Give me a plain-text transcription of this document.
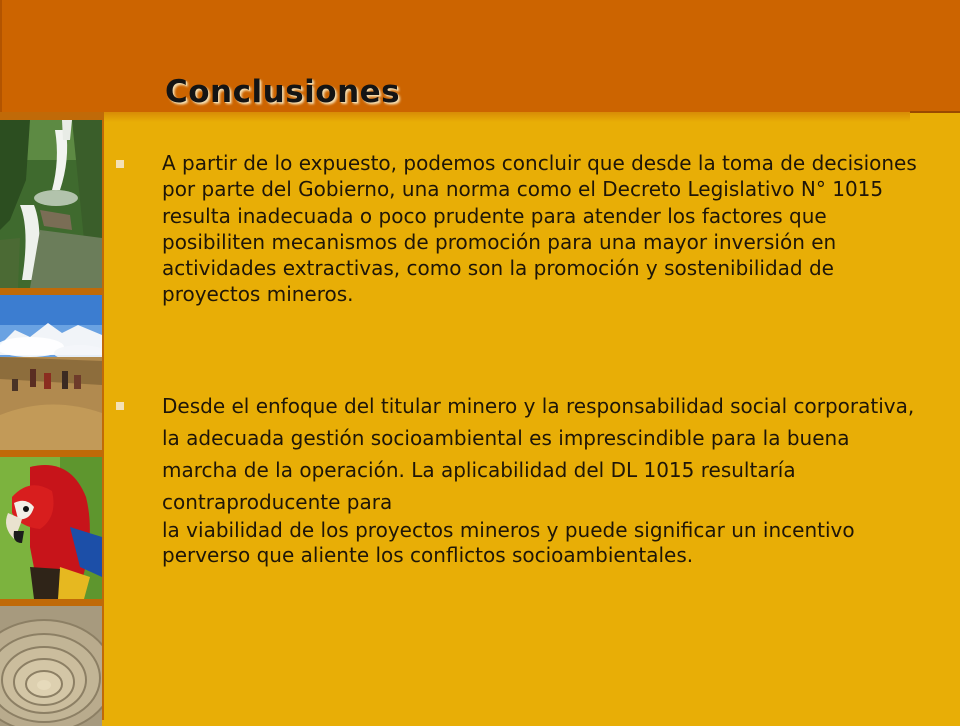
Conclusiones

A partir de lo expuesto, podemos concluir que desde la toma de decisiones por parte del Gobierno, una norma como el Decreto Legislativo N° 1015 resulta inadecuada o poco prudente para atender los factores que posibiliten mecanismos de promoción para una mayor inversión en actividades extractivas, como son la promoción y sostenibilidad de proyectos mineros.

Desde el enfoque del titular minero y la responsabilidad social corporativa, la adecuada gestión socioambiental es imprescindible para la buena marcha de la operación. La aplicabilidad del DL 1015 resultaría contraproducente para
la viabilidad de los proyectos mineros y puede significar un incentivo perverso que aliente los conflictos socioambientales.
